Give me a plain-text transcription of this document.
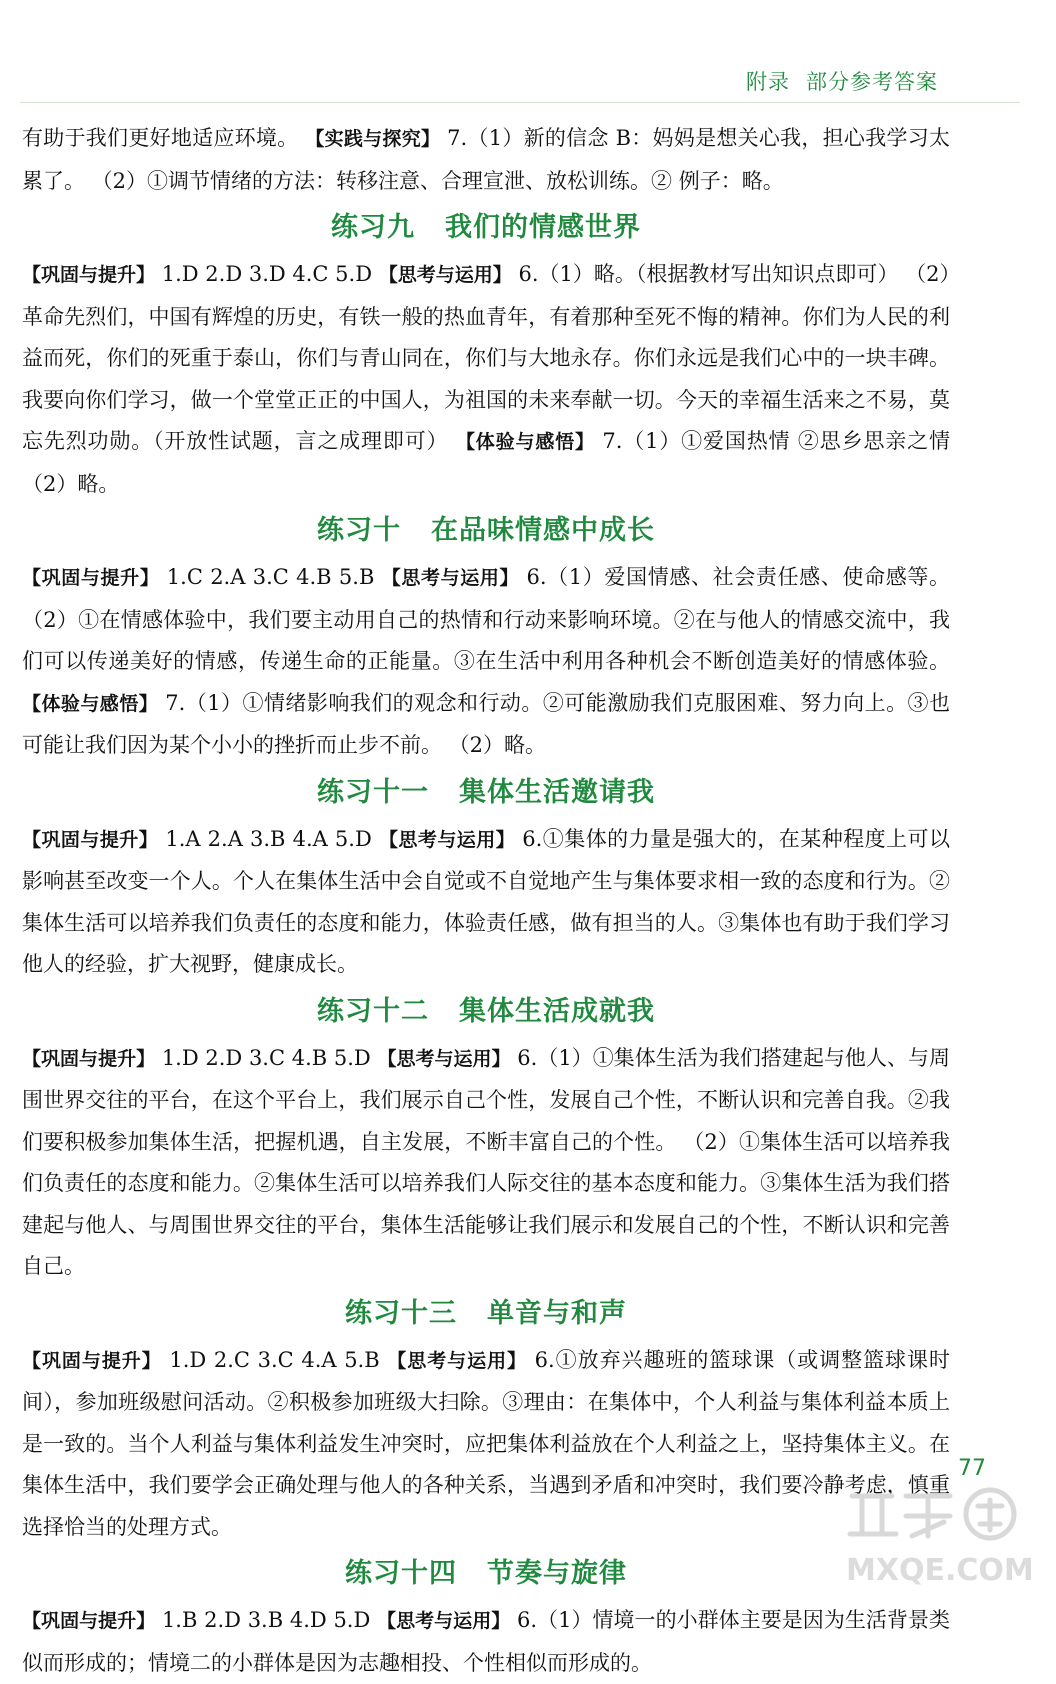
附录 部分参考答案

有助于我们更好地适应环境。 【实践与探究】 7.（1）新的信念 B：妈妈是想关心我，担心我学习太累了。 （2）①调节情绪的方法：转移注意、合理宣泄、放松训练。② 例子：略。

练习九 我们的情感世界

【巩固与提升】 1.D 2.D 3.D 4.C 5.D 【思考与运用】 6.（1）略。（根据教材写出知识点即可） （2）革命先烈们，中国有辉煌的历史，有铁一般的热血青年，有着那种至死不悔的精神。你们为人民的利益而死，你们的死重于泰山，你们与青山同在，你们与大地永存。你们永远是我们心中的一块丰碑。我要向你们学习，做一个堂堂正正的中国人，为祖国的未来奉献一切。今天的幸福生活来之不易，莫忘先烈功勋。（开放性试题，言之成理即可） 【体验与感悟】 7.（1）①爱国热情 ②思乡思亲之情 （2）略。

练习十 在品味情感中成长

【巩固与提升】 1.C 2.A 3.C 4.B 5.B 【思考与运用】 6.（1）爱国情感、社会责任感、使命感等。 （2）①在情感体验中，我们要主动用自己的热情和行动来影响环境。②在与他人的情感交流中，我们可以传递美好的情感，传递生命的正能量。③在生活中利用各种机会不断创造美好的情感体验。 【体验与感悟】 7.（1）①情绪影响我们的观念和行动。②可能激励我们克服困难、努力向上。③也可能让我们因为某个小小的挫折而止步不前。 （2）略。

练习十一 集体生活邀请我

【巩固与提升】 1.A 2.A 3.B 4.A 5.D 【思考与运用】 6.①集体的力量是强大的，在某种程度上可以影响甚至改变一个人。个人在集体生活中会自觉或不自觉地产生与集体要求相一致的态度和行为。②集体生活可以培养我们负责任的态度和能力，体验责任感，做有担当的人。③集体也有助于我们学习他人的经验，扩大视野，健康成长。

练习十二 集体生活成就我

【巩固与提升】 1.D 2.D 3.C 4.B 5.D 【思考与运用】 6.（1）①集体生活为我们搭建起与他人、与周围世界交往的平台，在这个平台上，我们展示自己个性，发展自己个性，不断认识和完善自我。②我们要积极参加集体生活，把握机遇，自主发展，不断丰富自己的个性。 （2）①集体生活可以培养我们负责任的态度和能力。②集体生活可以培养我们人际交往的基本态度和能力。③集体生活为我们搭建起与他人、与周围世界交往的平台，集体生活能够让我们展示和发展自己的个性，不断认识和完善自己。

练习十三 单音与和声

【巩固与提升】 1.D 2.C 3.C 4.A 5.B 【思考与运用】 6.①放弃兴趣班的篮球课（或调整篮球课时间），参加班级慰问活动。②积极参加班级大扫除。③理由：在集体中，个人利益与集体利益本质上是一致的。当个人利益与集体利益发生冲突时，应把集体利益放在个人利益之上，坚持集体主义。在集体生活中，我们要学会正确处理与他人的各种关系，当遇到矛盾和冲突时，我们要冷静考虑，慎重选择恰当的处理方式。

练习十四 节奏与旋律

【巩固与提升】 1.B 2.D 3.B 4.D 5.D 【思考与运用】 6.（1）情境一的小群体主要是因为生活背景类似而形成的；情境二的小群体是因为志趣相投、个性相似而形成的。

77
MXQE.COM
